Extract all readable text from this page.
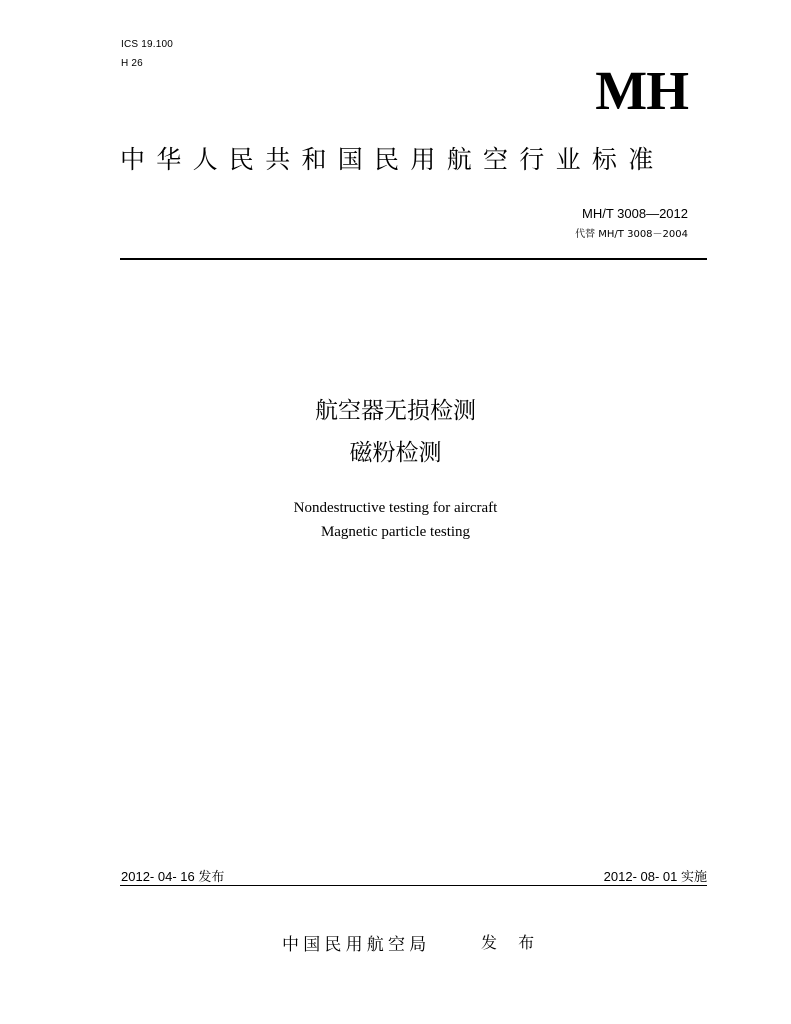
ICS 19.100
H 26	MH
中华人民共和国民用航空行业标准
MH/T 3008—2012
代替 MH/T 3008－2004
航空器无损检测
磁粉检测
Nondestructive testing for aircraft
Magnetic particle testing
2012- 04- 16 发布	2012- 08- 01 实施
中国民用航空局	发 布
